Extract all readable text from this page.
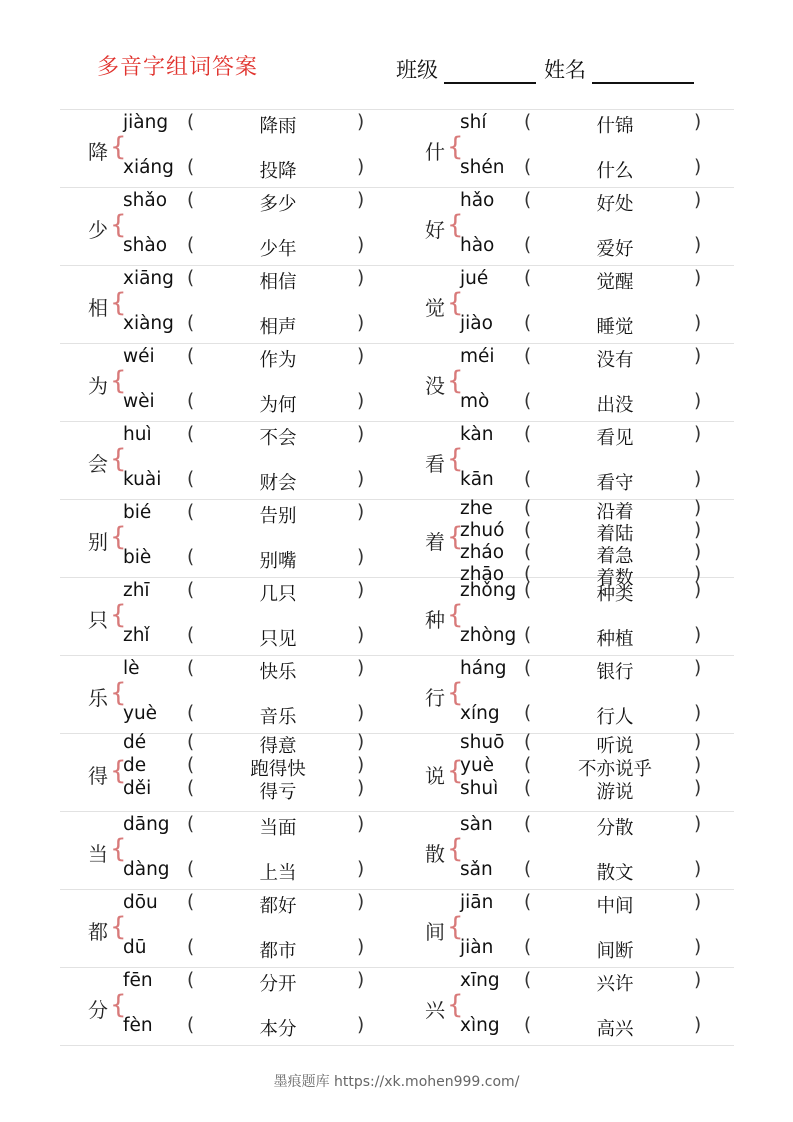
多音字组词答案	班级	姓名
降 {
jiàng (	降雨	)
xiáng (	投降	)
什 {
shí (	什锦	)
shén (	什么	)
少 {
shǎo (	多少	)
shào (	少年	)
好 {
hǎo (	好处	)
hào (	爱好	)
相 {
xiāng (	相信	)
xiàng (	相声	)
觉 {
jué (	觉醒	)
jiào (	睡觉	)
为 {
wéi (	作为	)
wèi (	为何	)
没 {
méi (	没有	)
mò (	出没	)
会 {
huì (	不会	)
kuài (	财会	)
看 {
kàn (	看见	)
kān (	看守	)
别 {
bié (	告别	)
biè (	别嘴	)
着 {
zhe (	沿着	)
zhuó (	着陆	)
zháo (	着急	)
zhāo (	着数	)
只 {
zhī (	几只	)
zhǐ (	只见	)
种 {
zhǒng (	种类	)
zhòng (	种植	)
乐 {
lè	(	快乐	)
yuè (	音乐	)
行 {
háng (	银行	)
xíng (	行人	)
得 {
dé (	得意	)
de (	跑得快	)
děi (	得亏	)
说 {
shuō (	听说	)
yuè (	不亦说乎	)
shuì (	游说	)
当 {
dāng (	当面	)
dàng (	上当	)
散 {
sàn (	分散	)
sǎn (	散文	)
都 {
dōu (	都好	)
dū (	都市	)
间 {
jiān (	中间	)
jiàn (	间断	)
分 {
fēn (	分开	)
fèn (	本分	)
兴 {
xīng (	兴许	)
xìng (	高兴	)
墨痕题库 https://xk.mohen999.com/
